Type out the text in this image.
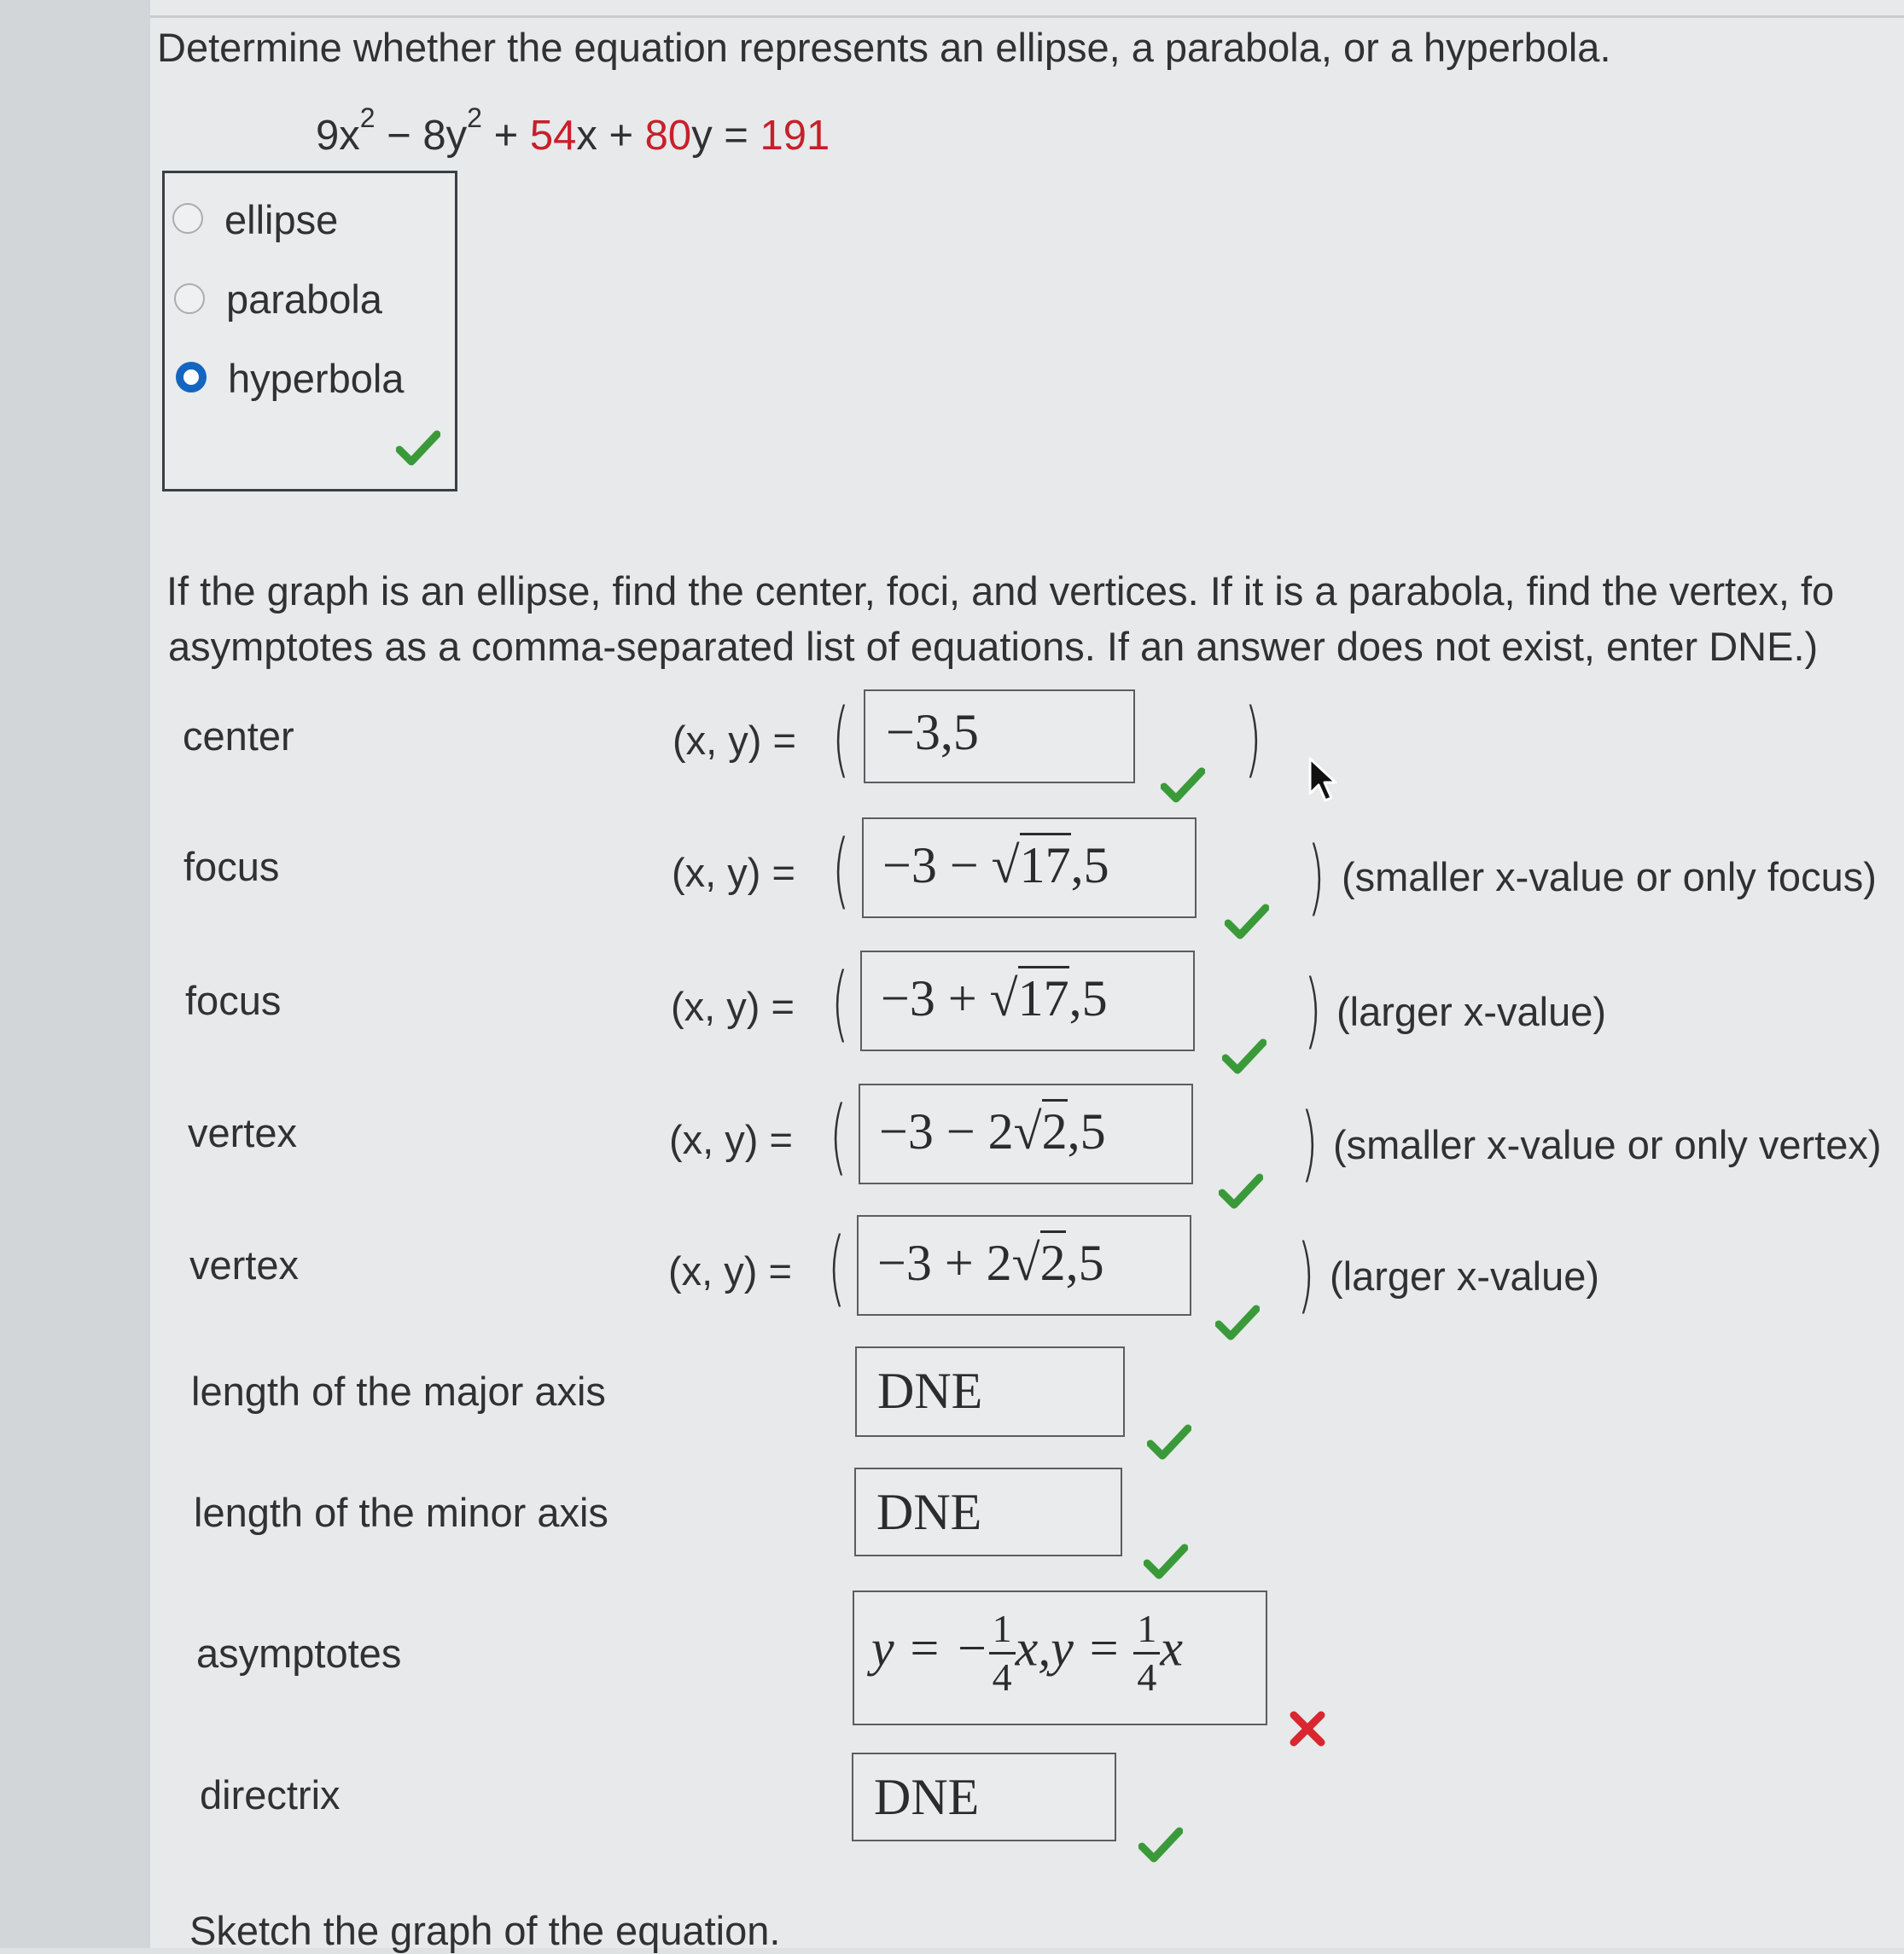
Determine whether the equation represents an ellipse, a parabola, or a hyperbola.
$9x^2 - 8y^2 + 54x + 80y = 191$
ellipse
parabola
hyperbola
If the graph is an ellipse, find the center, foci, and vertices. If it is a parabola, find the vertex, fo
asymptotes as a comma-separated list of equations. If an answer does not exist, enter DNE.)
center	(x, y) = ( −3,5	)
focus	(x, y) = ( −3 − √17,5 ) (smaller x-value or only focus)
focus	(x, y) = ( −3 + √17,5 ) (larger x-value)
vertex	(x, y) = ( −3 − 2√2,5 ) (smaller x-value or only vertex)
vertex	(x, y) = ( −3 + 2√2,5 ) (larger x-value)
length of the major axis	DNE
length of the minor axis	DNE
asymptotes	y = − $\frac{1}{4} x,y = \frac{1}{4}$ x
directrix	DNE
Sketch the graph of the equation.
